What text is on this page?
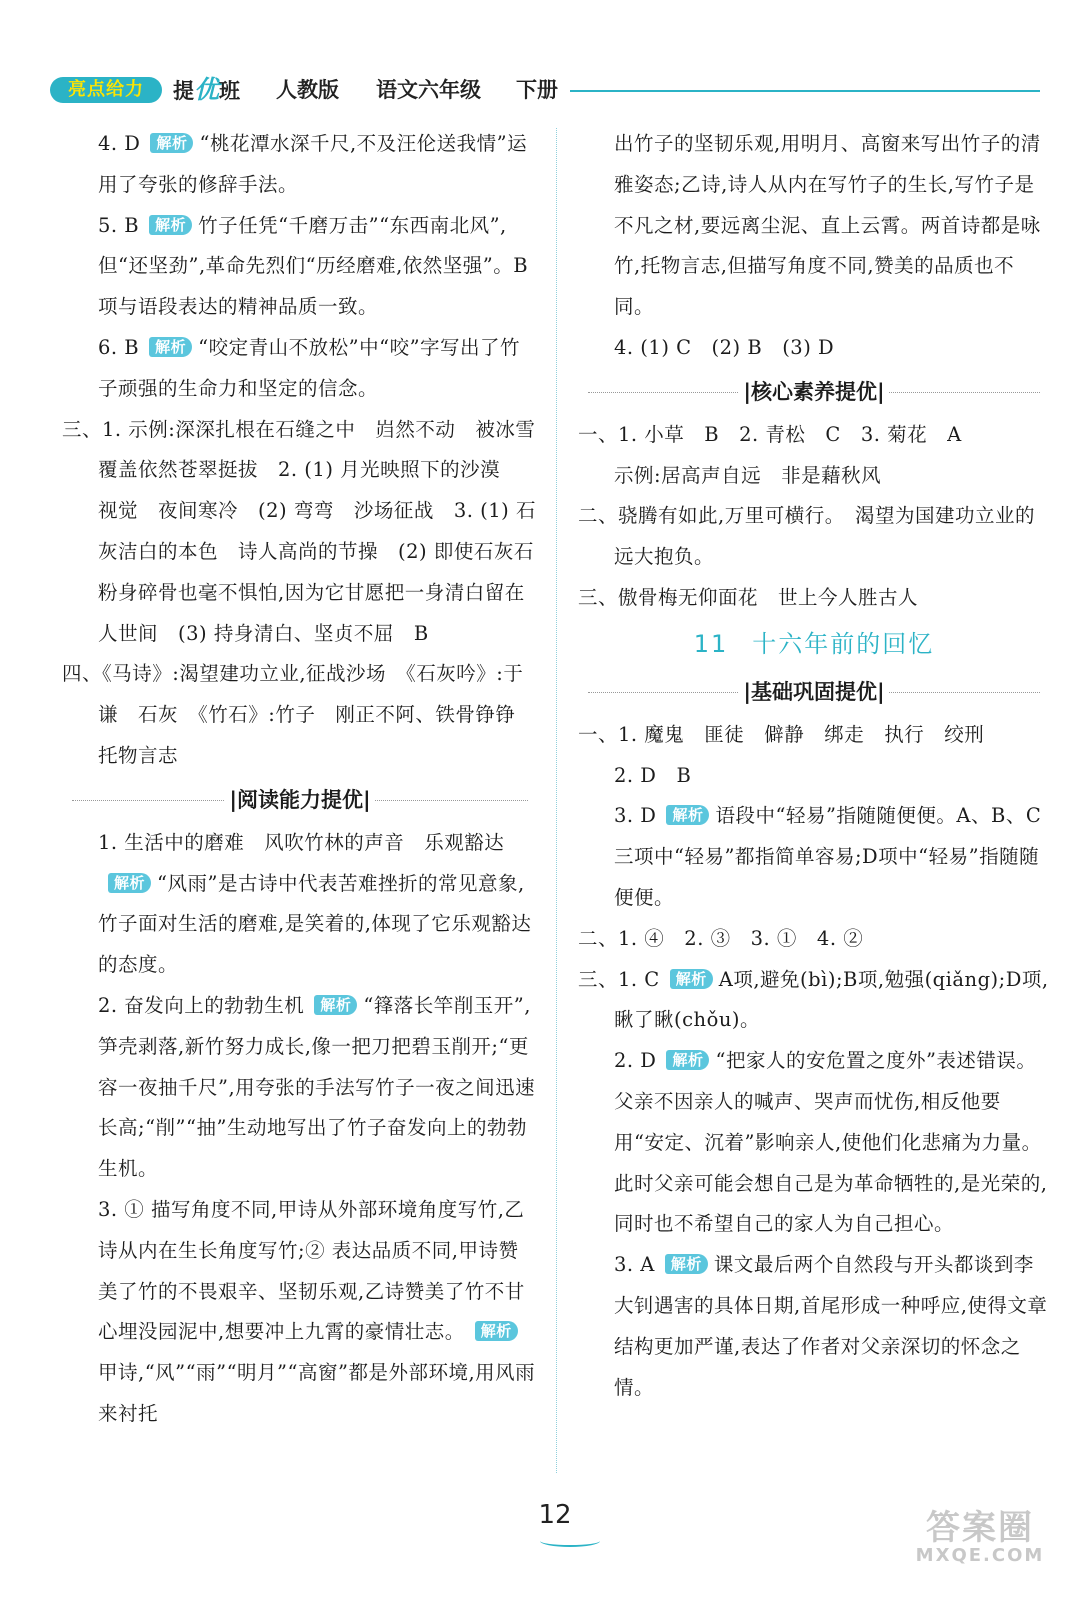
亮点给力	提优班 人教版 语文六年级 下册
4. D 解析 “桃花潭水深千尺,不及汪伦送我情”运用了夸张的修辞手法。
5. B 解析 竹子任凭“千磨万击”“东西南北风”,但“还坚劲”,革命先烈们“历经磨难,依然坚强”。B项与语段表达的精神品质一致。
6. B 解析 “咬定青山不放松”中“咬”字写出了竹子顽强的生命力和坚定的信念。
三、1. 示例:深深扎根在石缝之中　岿然不动　被冰雪覆盖依然苍翠挺拔　2. (1) 月光映照下的沙漠　视觉　夜间寒冷　(2) 弯弯　沙场征战　3. (1) 石灰洁白的本色　诗人高尚的节操　(2) 即使石灰石粉身碎骨也毫不惧怕,因为它甘愿把一身清白留在人世间　(3) 持身清白、坚贞不屈　B
四、《马诗》:渴望建功立业,征战沙场　《石灰吟》:于谦　石灰　《竹石》:竹子　刚正不阿、铁骨铮铮　托物言志
|阅读能力提优|
1. 生活中的磨难　风吹竹林的声音　乐观豁达解析 “风雨”是古诗中代表苦难挫折的常见意象,竹子面对生活的磨难,是笑着的,体现了它乐观豁达的态度。
2. 奋发向上的勃勃生机 解析 “箨落长竿削玉开”,笋壳剥落,新竹努力成长,像一把刀把碧玉削开;“更容一夜抽千尺”,用夸张的手法写竹子一夜之间迅速长高;“削”“抽”生动地写出了竹子奋发向上的勃勃生机。
3. ① 描写角度不同,甲诗从外部环境角度写竹,乙诗从内在生长角度写竹;② 表达品质不同,甲诗赞美了竹的不畏艰辛、坚韧乐观,乙诗赞美了竹不甘心埋没园泥中,想要冲上九霄的豪情壮志。 解析甲诗,“风”“雨”“明月”“高窗”都是外部环境,用风雨来衬托
出竹子的坚韧乐观,用明月、高窗来写出竹子的清雅姿态;乙诗,诗人从内在写竹子的生长,写竹子是不凡之材,要远离尘泥、直上云霄。两首诗都是咏竹,托物言志,但描写角度不同,赞美的品质也不同。
4. (1) C　(2) B　(3) D
|核心素养提优|
一、1. 小草　B　2. 青松　C　3. 菊花　A
示例:居高声自远　非是藉秋风
二、骁腾有如此,万里可横行。　渴望为国建功立业的远大抱负。
三、傲骨梅无仰面花　世上今人胜古人
11 十六年前的回忆
|基础巩固提优|
一、1. 魔鬼　匪徒　僻静　绑走　执行　绞刑
2. D　B
3. D 解析 语段中“轻易”指随随便便。A、B、C三项中“轻易”都指简单容易;D项中“轻易”指随随便便。
二、1. ④　2. ③　3. ①　4. ②
三、1. C 解析 A项,避免(bì);B项,勉强(qiǎng);D项,瞅了瞅(chǒu)。
2. D 解析 “把家人的安危置之度外”表述错误。父亲不因亲人的喊声、哭声而忧伤,相反他要用“安定、沉着”影响亲人,使他们化悲痛为力量。此时父亲可能会想自己是为革命牺牲的,是光荣的,同时也不希望自己的家人为自己担心。
3. A 解析 课文最后两个自然段与开头都谈到李大钊遇害的具体日期,首尾形成一种呼应,使得文章结构更加严谨,表达了作者对父亲深切的怀念之情。
12	答案圈
MXQE.COM
